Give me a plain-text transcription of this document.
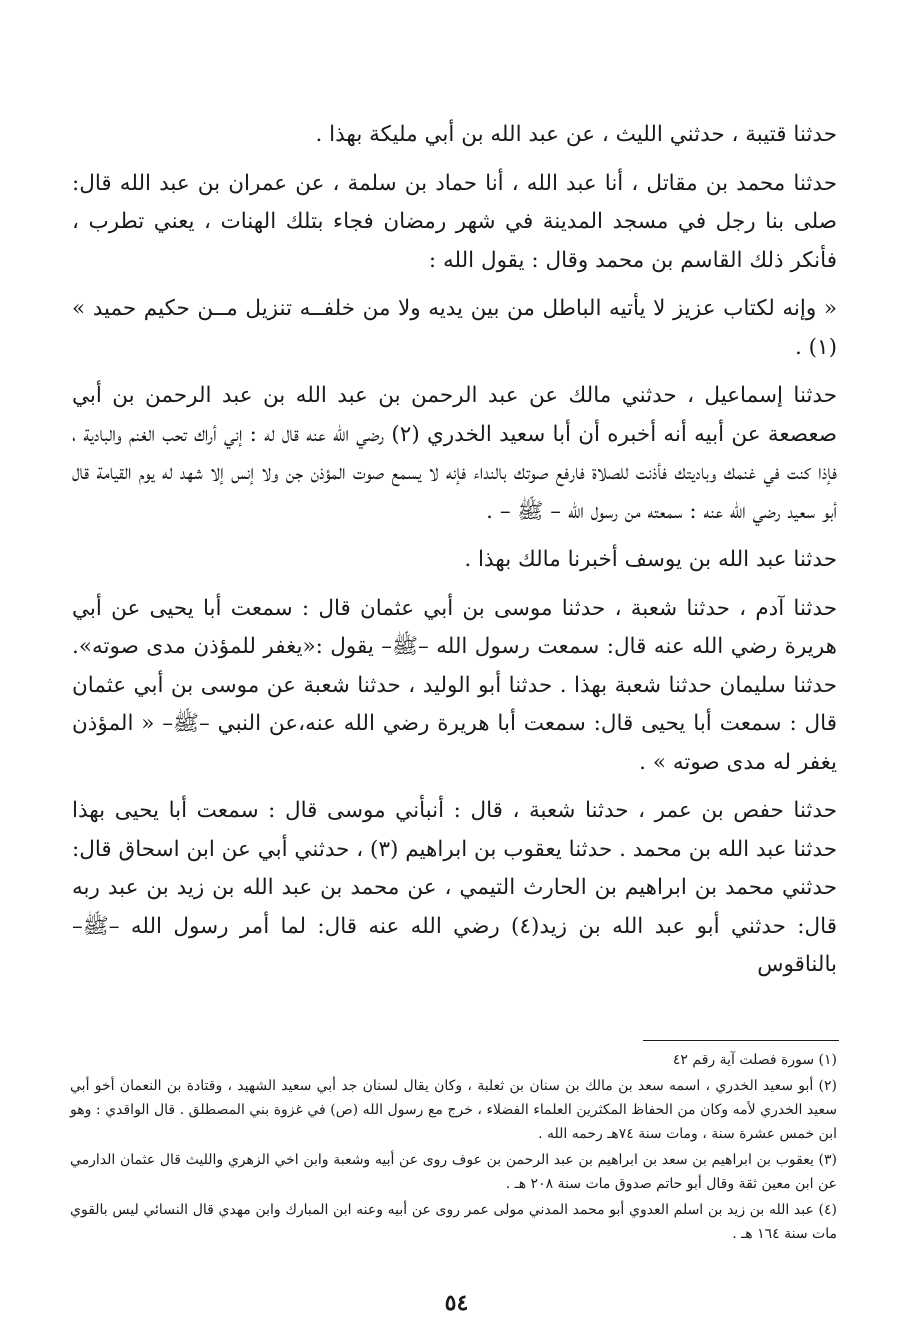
حدثنا قتيبة ، حدثني الليث ، عن عبد الله بن أبي مليكة بهذا .

حدثنا محمد بن مقاتل ، أنا عبد الله ، أنا حماد بن سلمة ، عن عمران بن عبد الله قال: صلى بنا رجل في مسجد المدينة في شهر رمضان فجاء بتلك الهنات ، يعني تطرب ، فأنكر ذلك القاسم بن محمد وقال : يقول الله :

« وإنه لكتاب عزيز لا يأتيه الباطل من بين يديه ولا من خلفــه تنزيل مــن حكيم حميد » (١) .

حدثنا إسماعيل ، حدثني مالك عن عبد الرحمن بن عبد الله بن عبد الرحمن بن أبي صعصعة عن أبيه أنه أخبره أن أبا سعيد الخدري (٢) رضي الله عنه قال له : إني أراك تحب الغنم والبادية ، فإذا كنت في غنمك وباديتك فأذنت للصلاة فارفع صوتك بالنداء فإنه لا يسمع صوت المؤذن جن ولا إنس إلا شهد له يوم القيامة قال أبو سعيد رضي الله عنه : سمعته من رسول الله – ﷺ – .

حدثنا عبد الله بن يوسف أخبرنا مالك بهذا .

حدثنا آدم ، حدثنا شعبة ، حدثنا موسى بن أبي عثمان قال : سمعت أبا يحيى عن أبي هريرة رضي الله عنه قال: سمعت رسول الله –ﷺ– يقول :«يغفر للمؤذن مدى صوته». حدثنا سليمان حدثنا شعبة بهذا . حدثنا أبو الوليد ، حدثنا شعبة عن موسى بن أبي عثمان قال : سمعت أبا يحيى قال: سمعت أبا هريرة رضي الله عنه،عن النبي –ﷺ– « المؤذن يغفر له مدى صوته » .

حدثنا حفص بن عمر ، حدثنا شعبة ، قال : أنبأني موسى قال : سمعت أبا يحيى بهذا حدثنا عبد الله بن محمد . حدثنا يعقوب بن ابراهيم (٣) ، حدثني أبي عن ابن اسحاق قال: حدثني محمد بن ابراهيم بن الحارث التيمي ، عن محمد بن عبد الله بن زيد بن عبد ربه قال: حدثني أبو عبد الله بن زيد(٤) رضي الله عنه قال: لما أمر رسول الله –ﷺ– بالناقوس

(١) سورة فصلت آية رقم ٤٢

(٢) أبو سعيد الخدري ، اسمه سعد بن مالك بن سنان بن ثعلبة ، وكان يقال لسنان جد أبي سعيد الشهيد ، وقتادة بن النعمان أخو أبي سعيد الخدري لأمه وكان من الحفاظ المكثرين العلماء الفضلاء ، خرج مع رسول الله (ص) في غزوة بني المصطلق . قال الواقدي : وهو ابن خمس عشرة سنة ، ومات سنة ٧٤هـ رحمه الله .

(٣) يعقوب بن ابراهيم بن سعد بن ابراهيم بن عبد الرحمن بن عوف روى عن أبيه وشعبة وابن اخي الزهري والليث قال عثمان الدارمي عن ابن معين ثقة وقال أبو حاتم صدوق مات سنة ٢٠٨ هـ .

(٤) عبد الله بن زيد بن اسلم العدوي أبو محمد المدني مولى عمر روى عن أبيه وعنه ابن المبارك وابن مهدي قال النسائي ليس بالقوي مات سنة ١٦٤ هـ .

٥٤
